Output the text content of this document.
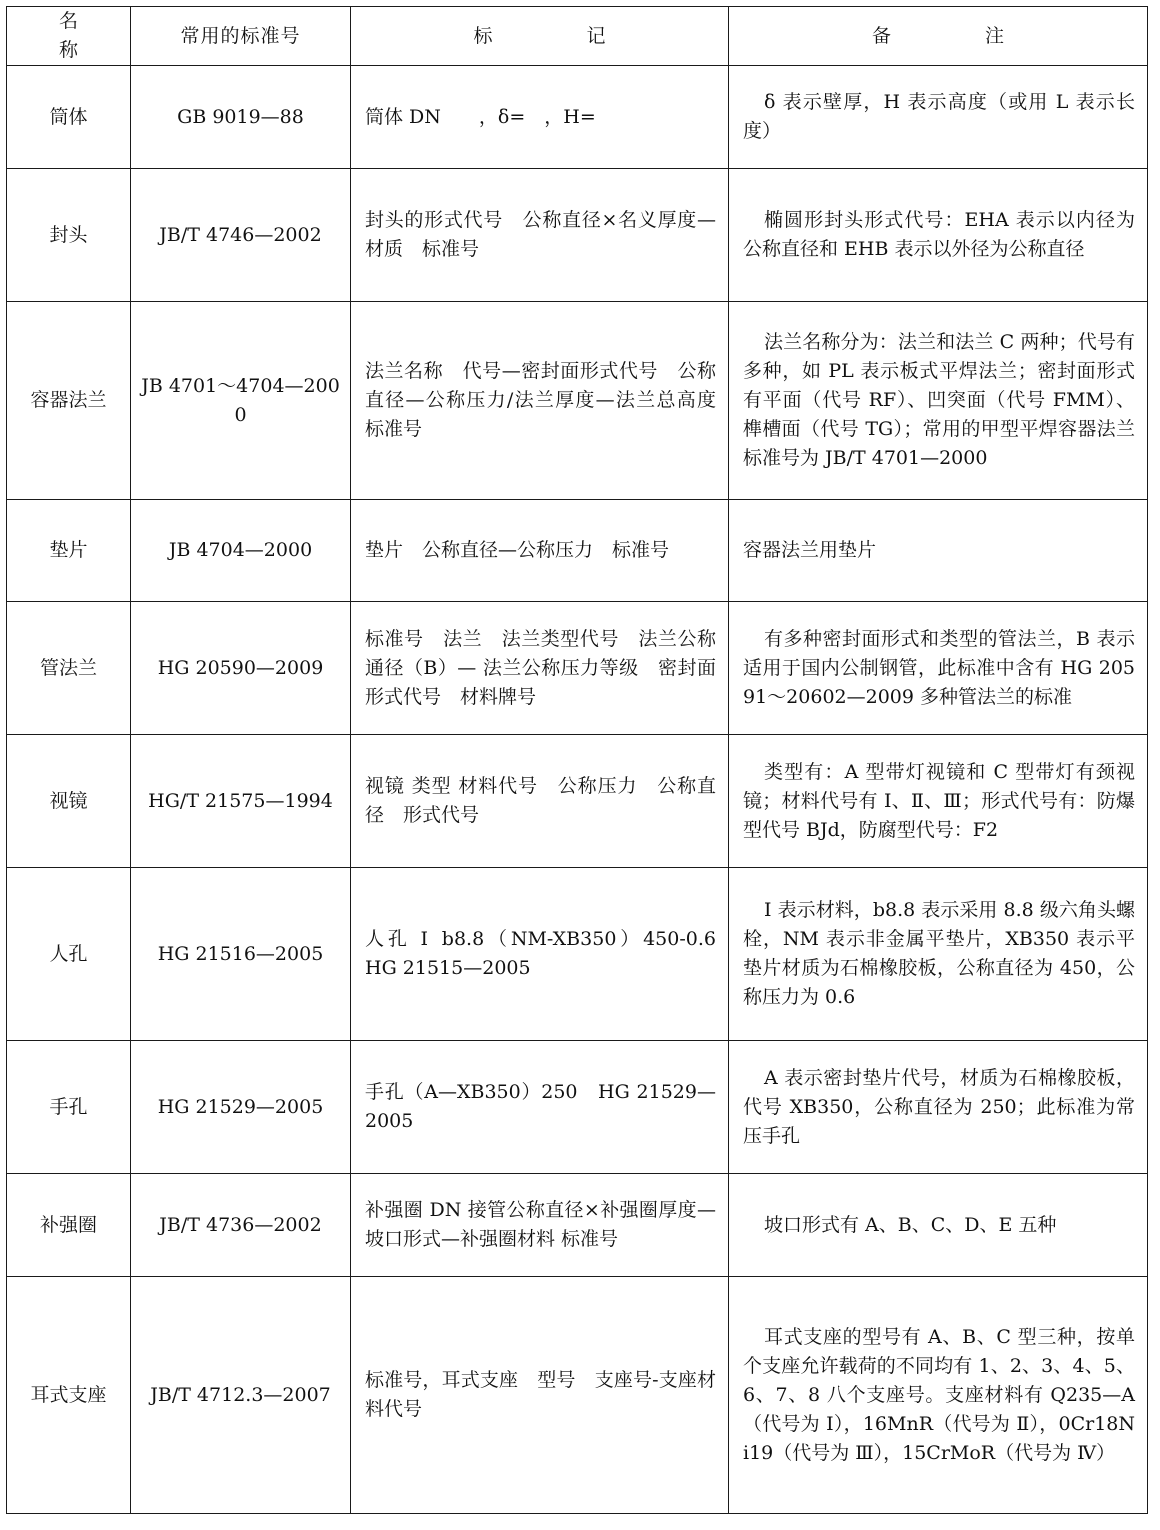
名 称	常用的标准号	标 记	备 注
筒体	GB 9019—88	筒体 DN　　，δ=　，H=	δ 表示壁厚，H 表示高度（或用 L 表示长度）

封头	JB/T 4746—2002	封头的形式代号　公称直径×名义厚度—材质　标准号	椭圆形封头形式代号：EHA 表示以内径为公称直径和 EHB 表示以外径为公称直径

容器法兰	JB 4701～4704—2000	法兰名称　代号—密封面形式代号　公称直径—公称压力/法兰厚度—法兰总高度　标准号	法兰名称分为：法兰和法兰 C 两种；代号有多种，如 PL 表示板式平焊法兰；密封面形式有平面（代号 RF）、凹突面（代号 FMM）、榫槽面（代号 TG）；常用的甲型平焊容器法兰标准号为 JB/T 4701—2000

垫片	JB 4704—2000	垫片　公称直径—公称压力　标准号	容器法兰用垫片

管法兰	HG 20590—2009	标准号　法兰　法兰类型代号　法兰公称通径（B）— 法兰公称压力等级　密封面形式代号　材料牌号	有多种密封面形式和类型的管法兰，B 表示适用于国内公制钢管，此标准中含有 HG 20591～20602—2009 多种管法兰的标准

视镜	HG/T 21575—1994	视镜 类型 材料代号　公称压力　公称直径　形式代号	类型有：A 型带灯视镜和 C 型带灯有颈视镜；材料代号有 Ⅰ、Ⅱ、Ⅲ；形式代号有：防爆型代号 BJd，防腐型代号：F2

人孔	HG 21516—2005	人孔 Ⅰ b8.8（NM-XB350）450-0.6　HG 21515—2005	Ⅰ 表示材料，b8.8 表示采用 8.8 级六角头螺栓，NM 表示非金属平垫片，XB350 表示平垫片材质为石棉橡胶板，公称直径为 450，公称压力为 0.6

手孔	HG 21529—2005	手孔（A—XB350）250　HG 21529—2005	A 表示密封垫片代号，材质为石棉橡胶板，代号 XB350，公称直径为 250；此标准为常压手孔

补强圈	JB/T 4736—2002	补强圈 DN 接管公称直径×补强圈厚度—坡口形式—补强圈材料 标准号	坡口形式有 A、B、C、D、E 五种

耳式支座	JB/T 4712.3—2007	标准号，耳式支座　型号　支座号-支座材料代号	耳式支座的型号有 A、B、C 型三种，按单个支座允许载荷的不同均有 1、2、3、4、5、6、7、8 八个支座号。支座材料有 Q235—A（代号为 Ⅰ），16MnR（代号为 Ⅱ），0Cr18Ni19（代号为 Ⅲ），15CrMoR（代号为 Ⅳ）
